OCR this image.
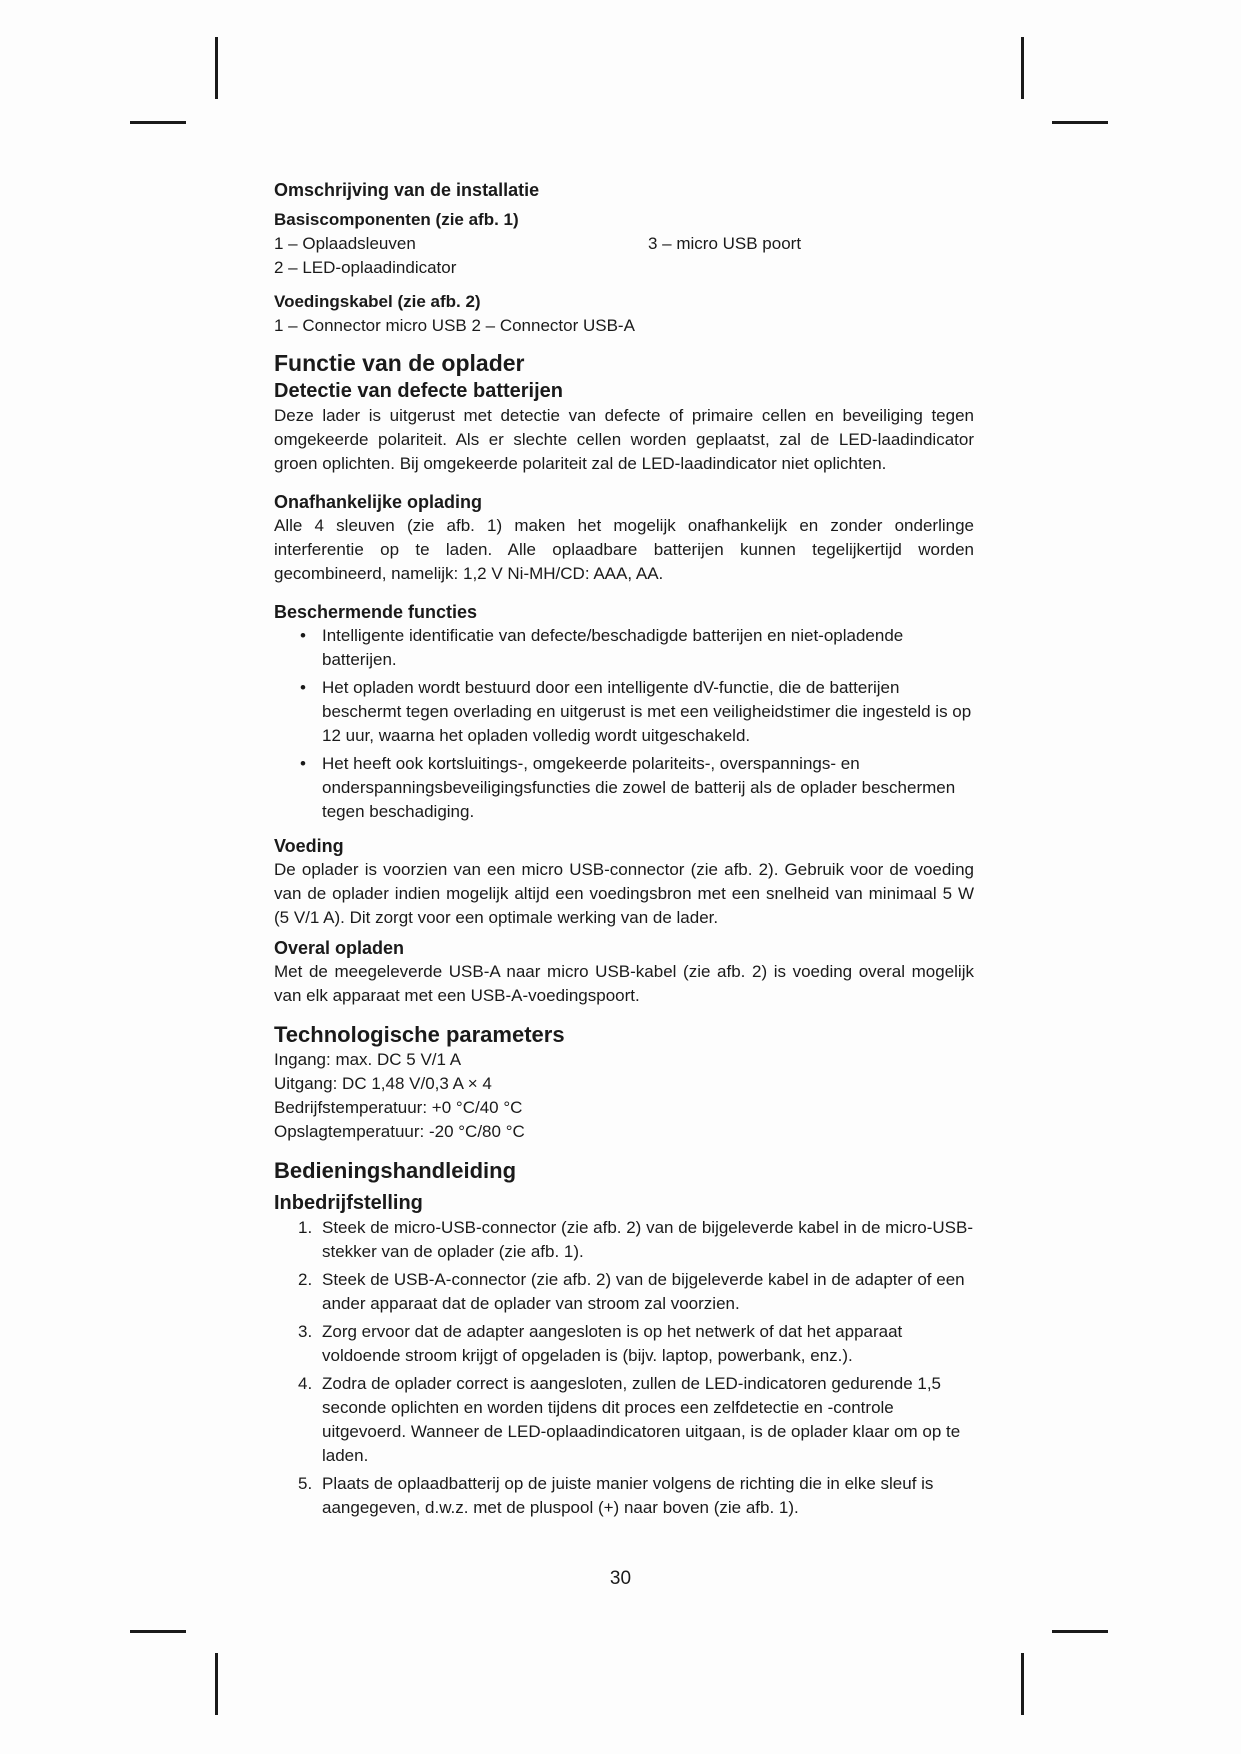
Omschrijving van de installatie

Basiscomponenten (zie afb. 1)

1 – Oplaadsleuven

2 – LED-oplaadindicator

3 – micro USB poort

Voedingskabel (zie afb. 2)

1 – Connector micro USB 2 – Connector USB-A

Functie van de oplader

Detectie van defecte batterijen

Deze lader is uitgerust met detectie van defecte of primaire cellen en beveiliging tegen omgekeerde polariteit. Als er slechte cellen worden geplaatst, zal de LED-laadindicator groen oplichten. Bij omgekeerde polariteit zal de LED-laadindicator niet oplichten.

Onafhankelijke oplading

Alle 4 sleuven (zie afb. 1) maken het mogelijk onafhankelijk en zonder onderlinge interferentie op te laden. Alle oplaadbare batterijen kunnen tegelijkertijd worden gecombineerd, namelijk: 1,2 V Ni-MH/CD: AAA, AA.

Beschermende functies

• Intelligente identificatie van defecte/beschadigde batterijen en niet-opladende batterijen.
• Het opladen wordt bestuurd door een intelligente dV-functie, die de batterijen beschermt tegen overlading en uitgerust is met een veiligheidstimer die ingesteld is op 12 uur, waarna het opladen volledig wordt uitgeschakeld.
• Het heeft ook kortsluitings-, omgekeerde polariteits-, overspannings- en onderspanningsbeveiligingsfuncties die zowel de batterij als de oplader beschermen tegen beschadiging.

Voeding

De oplader is voorzien van een micro USB-connector (zie afb. 2). Gebruik voor de voeding van de oplader indien mogelijk altijd een voedingsbron met een snelheid van minimaal 5 W (5 V/1 A). Dit zorgt voor een optimale werking van de lader.

Overal opladen

Met de meegeleverde USB-A naar micro USB-kabel (zie afb. 2) is voeding overal mogelijk van elk apparaat met een USB-A-voedingspoort.

Technologische parameters

Ingang: max. DC 5 V/1 A

Uitgang: DC 1,48 V/0,3 A × 4

Bedrijfstemperatuur: +0 °C/40 °C

Opslagtemperatuur: -20 °C/80 °C

Bedieningshandleiding

Inbedrijfstelling

1. Steek de micro-USB-connector (zie afb. 2) van de bijgeleverde kabel in de micro-USB-stekker van de oplader (zie afb. 1).
2. Steek de USB-A-connector (zie afb. 2) van de bijgeleverde kabel in de adapter of een ander apparaat dat de oplader van stroom zal voorzien.
3. Zorg ervoor dat de adapter aangesloten is op het netwerk of dat het apparaat voldoende stroom krijgt of opgeladen is (bijv. laptop, powerbank, enz.).
4. Zodra de oplader correct is aangesloten, zullen de LED-indicatoren gedurende 1,5 seconde oplichten en worden tijdens dit proces een zelfdetectie en -controle uitgevoerd. Wanneer de LED-oplaadindicatoren uitgaan, is de oplader klaar om op te laden.
5. Plaats de oplaadbatterij op de juiste manier volgens de richting die in elke sleuf is aangegeven, d.w.z. met de pluspool (+) naar boven (zie afb. 1).
30
